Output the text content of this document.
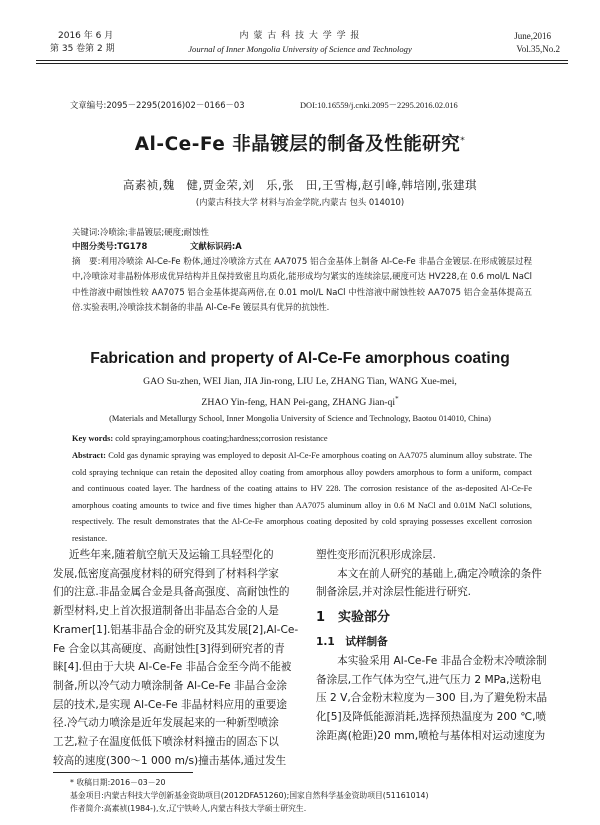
2016 年 6 月
第 35 卷第 2 期
内 蒙 古 科 技 大 学 学 报
Journal of Inner Mongolia University of Science and Technology
June,2016
Vol.35,No.2
文章编号:2095－2295(2016)02－0166－03	DOI:10.16559/j.cnki.2095－2295.2016.02.016
Al-Ce-Fe 非晶镀层的制备及性能研究*
高素祯,魏　健,贾金荣,刘　乐,张　田,王雪梅,赵引峰,韩培刚,张建琪
(内蒙古科技大学 材料与冶金学院,内蒙古 包头 014010)
关键词:冷喷涂;非晶镀层;硬度;耐蚀性
中图分类号:TG178	文献标识码:A
摘　要:利用冷喷涂 Al-Ce-Fe 粉体,通过冷喷涂方式在 AA7075 铝合金基体上制备 Al-Ce-Fe 非晶合金镀层.在形成镀层过程中,冷喷涂对非晶粉体形成优异结构并且保持致密且均质化,能形成均匀紧实的连续涂层,硬度可达 HV228,在 0.6 mol/L NaCl 中性溶液中耐蚀性较 AA7075 铝合金基体提高两倍,在 0.01 mol/L NaCl 中性溶液中耐蚀性较 AA7075 铝合金基体提高五倍.实验表明,冷喷涂技术制备的非晶 Al-Ce-Fe 镀层具有优异的抗蚀性.
Fabrication and property of Al-Ce-Fe amorphous coating
GAO Su-zhen, WEI Jian, JIA Jin-rong, LIU Le, ZHANG Tian, WANG Xue-mei,
ZHAO Yin-feng, HAN Pei-gang, ZHANG Jian-qi*
(Materials and Metallurgy School, Inner Mongolia University of Science and Technology, Baotou 014010, China)
Key words: cold spraying;amorphous coating;hardness;corrosion resistance
Abstract: Cold gas dynamic spraying was employed to deposit Al-Ce-Fe amorphous coating on AA7075 aluminum alloy substrate. The cold spraying technique can retain the deposited alloy coating from amorphous alloy powders amorphous to form a uniform, compact and continuous coated layer. The hardness of the coating attains to HV 228. The corrosion resistance of the as-deposited Al-Ce-Fe amorphous coating amounts to twice and five times higher than AA7075 aluminum alloy in 0.6 M NaCl and 0.01M NaCl solutions, respectively. The result demonstrates that the Al-Ce-Fe amorphous coating deposited by cold spraying possesses excellent corrosion resistance.
近些年来,随着航空航天及运输工具轻型化的
发展,低密度高强度材料的研究得到了材料科学家
们的注意.非晶金属合金是具备高强度、高耐蚀性的
新型材料,史上首次报道制备出非晶态合金的人是
Kramer[1].铝基非晶合金的研究及其发展[2],Al-Ce-
Fe 合金以其高硬度、高耐蚀性[3]得到研究者的青
睐[4].但由于大块 Al-Ce-Fe 非晶合金至今尚不能被
制备,所以冷气动力喷涂制备 Al-Ce-Fe 非晶合金涂
层的技术,是实现 Al-Ce-Fe 非晶材料应用的重要途
径.冷气动力喷涂是近年发展起来的一种新型喷涂
工艺,粒子在温度低低下喷涂材料撞击的固态下以
较高的速度(300～1 000 m/s)撞击基体,通过发生
塑性变形而沉积形成涂层.
　　本文在前人研究的基础上,确定冷喷涂的条件
制备涂层,并对涂层性能进行研究.
1　实验部分
1.1　试样制备
　　本实验采用 Al-Ce-Fe 非晶合金粉末冷喷涂制
备涂层,工作气体为空气,进气压力 2 MPa,送粉电
压 2 V,合金粉末粒度为－300 目,为了避免粉末晶
化[5]及降低能源消耗,选择预热温度为 200 ℃,喷
涂距离(枪距)20 mm,喷枪与基体相对运动速度为
* 收稿日期:2016－03－20
基金项目:内蒙古科技大学创新基金资助项目(2012DFA51260);国家自然科学基金资助项目(51161014)
作者简介:高素祯(1984-),女,辽宁铁岭人,内蒙古科技大学硕士研究生.
